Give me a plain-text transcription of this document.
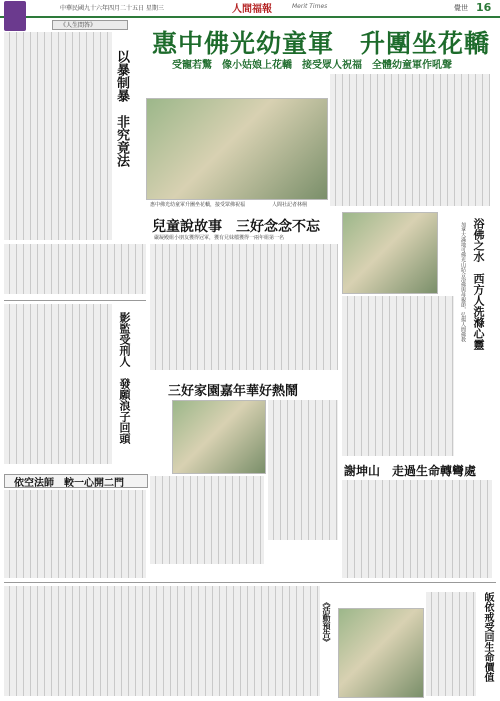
中華民國九十六年四月二十五日 星期三	人間福報	Merit Times	覺世 16
《人生問答》
以暴制暴　非究竟法
惠中佛光幼童軍　升團坐花轎
受寵若驚　像小姑娘上花轎　接受眾人祝福　全體幼童軍作吼聲
惠中佛光幼童軍升團坐花轎，接受眾佛祝福	人間社記者林栩
影監受刑人　發願浪子回頭
兒童說故事　三好念念不忘
嚴凝殿組小朋友獲得冠軍，獲有兄妹檔獲得一兩年組第一名	浴佛之水　西方人洗滌心靈
加拿大滿地可佛光山結合浴佛與母親節，弘揚人間佛教
三好家園嘉年華好熱鬧
謝坤山　走過生命轉彎處
依空法師　較一心開二門
《活動預告》	皈依戒受回生命價值
